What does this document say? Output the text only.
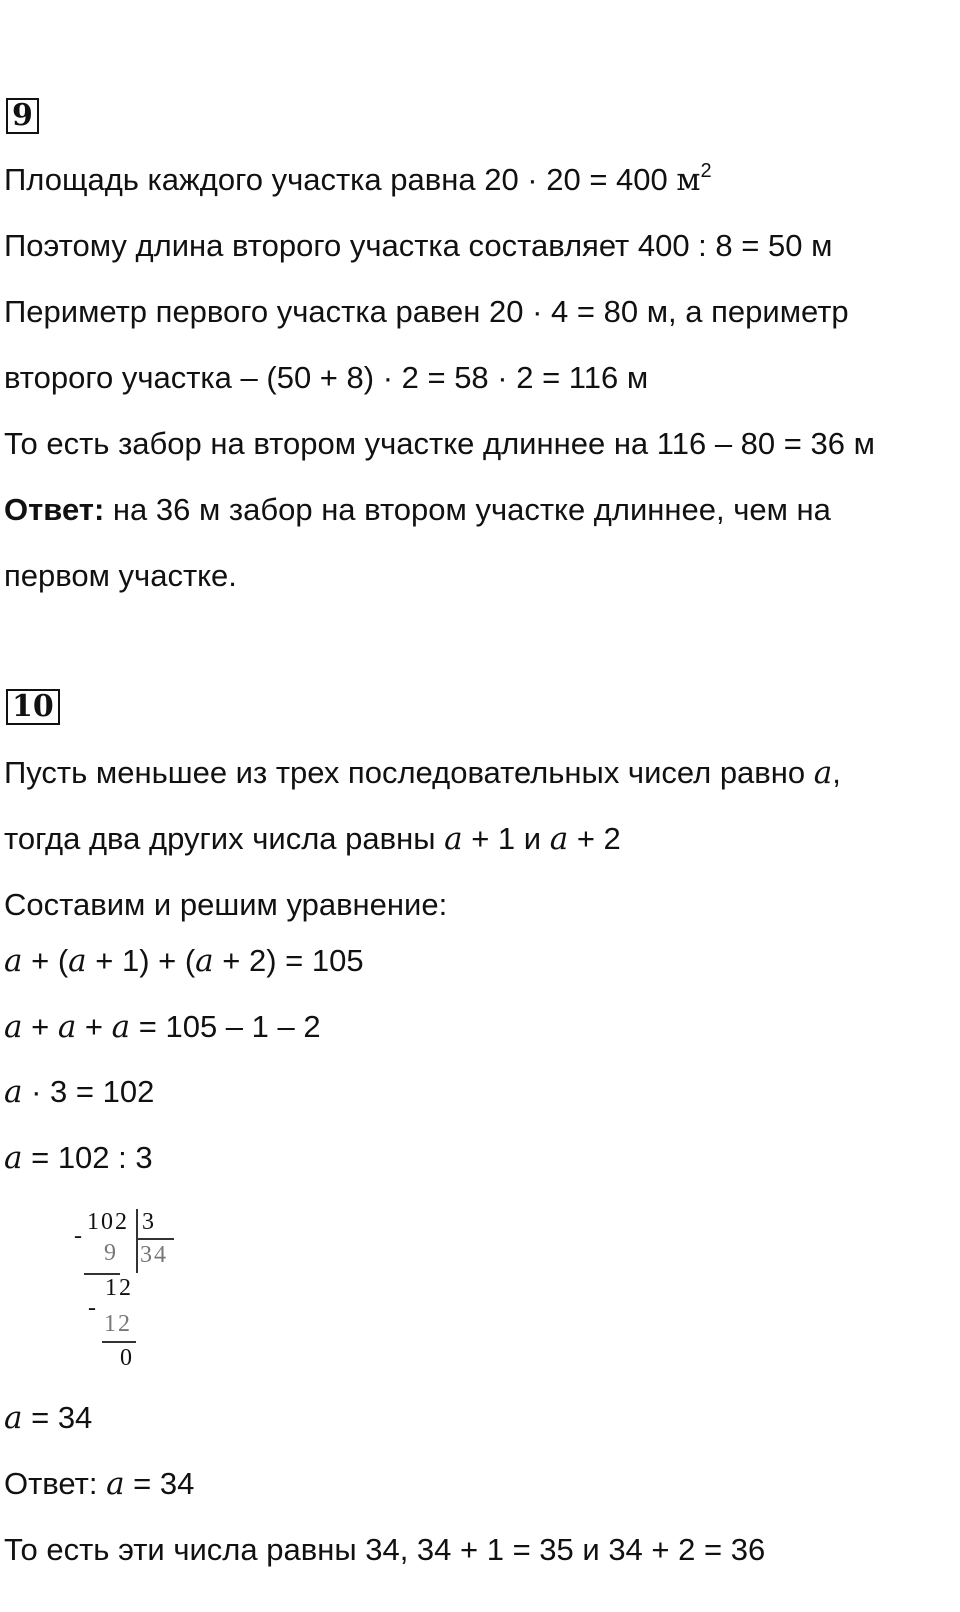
9
Площадь каждого участка равна 20 · 20 = 400 $м^2$
Поэтому длина второго участка составляет 400 : 8 = 50 м
Периметр первого участка равен 20 · 4 = 80 м, а периметр
второго участка – (50 + 8) · 2 = 58 · 2 = 116 м
То есть забор на втором участке длиннее на 116 – 80 = 36 м
Ответ: на 36 м забор на втором участке длиннее, чем на
первом участке.
10
Пусть меньшее из трех последовательных чисел равно a,
тогда два других числа равны a + 1 и a + 2
Составим и решим уравнение:
a + (a + 1) + (a + 2) = 105
a + a + a = 105 – 1 – 2
a · 3 = 102
a = 102 : 3
-
102 3
9 34
12
-
12
0
a = 34
Ответ: a = 34
То есть эти числа равны 34, 34 + 1 = 35 и 34 + 2 = 36
